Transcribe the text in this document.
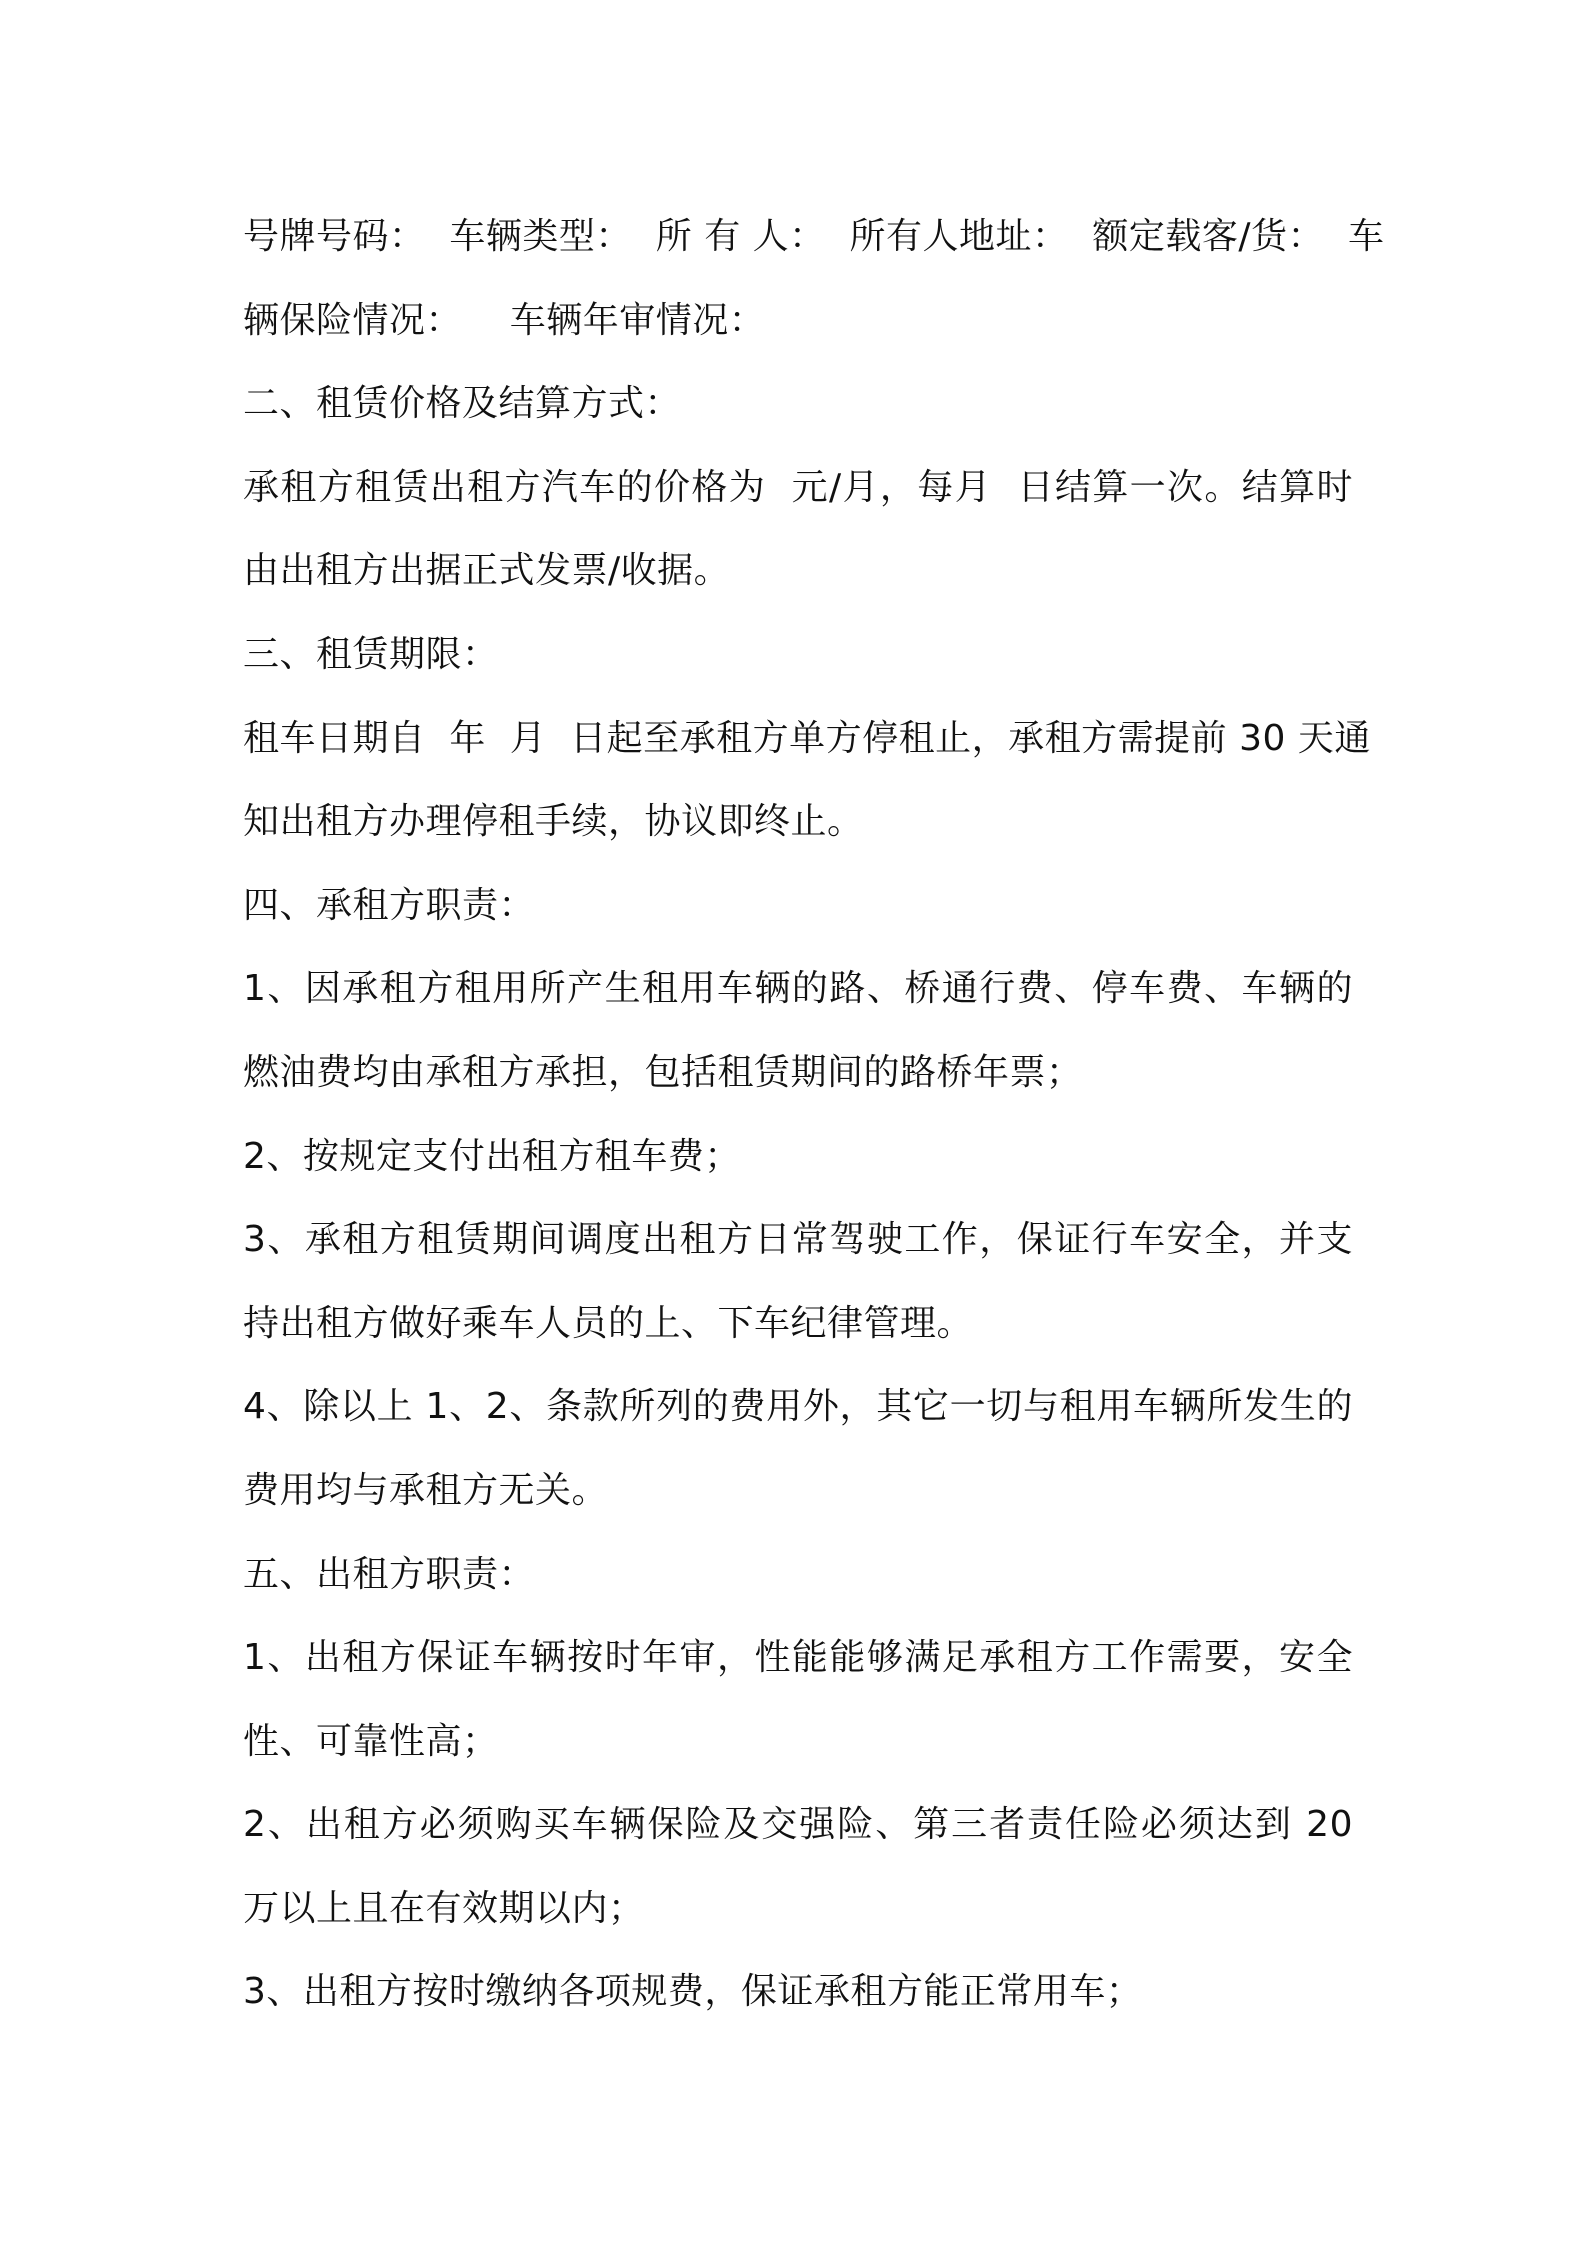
号牌号码：  车辆类型：  所 有 人：  所有人地址：  额定载客/货：  车
辆保险情况：    车辆年审情况：
二、租赁价格及结算方式：
承租方租赁出租方汽车的价格为  元/月，每月  日结算一次。结算时
由出租方出据正式发票/收据。
三、租赁期限：
租车日期自  年  月  日起至承租方单方停租止，承租方需提前 30 天通
知出租方办理停租手续，协议即终止。
四、承租方职责：
1、因承租方租用所产生租用车辆的路、桥通行费、停车费、车辆的
燃油费均由承租方承担，包括租赁期间的路桥年票；
2、按规定支付出租方租车费；
3、承租方租赁期间调度出租方日常驾驶工作，保证行车安全，并支
持出租方做好乘车人员的上、下车纪律管理。
4、除以上 1、2、条款所列的费用外，其它一切与租用车辆所发生的
费用均与承租方无关。
五、出租方职责：
1、出租方保证车辆按时年审，性能能够满足承租方工作需要，安全
性、可靠性高；
2、出租方必须购买车辆保险及交强险、第三者责任险必须达到 20
万以上且在有效期以内；
3、出租方按时缴纳各项规费，保证承租方能正常用车；
